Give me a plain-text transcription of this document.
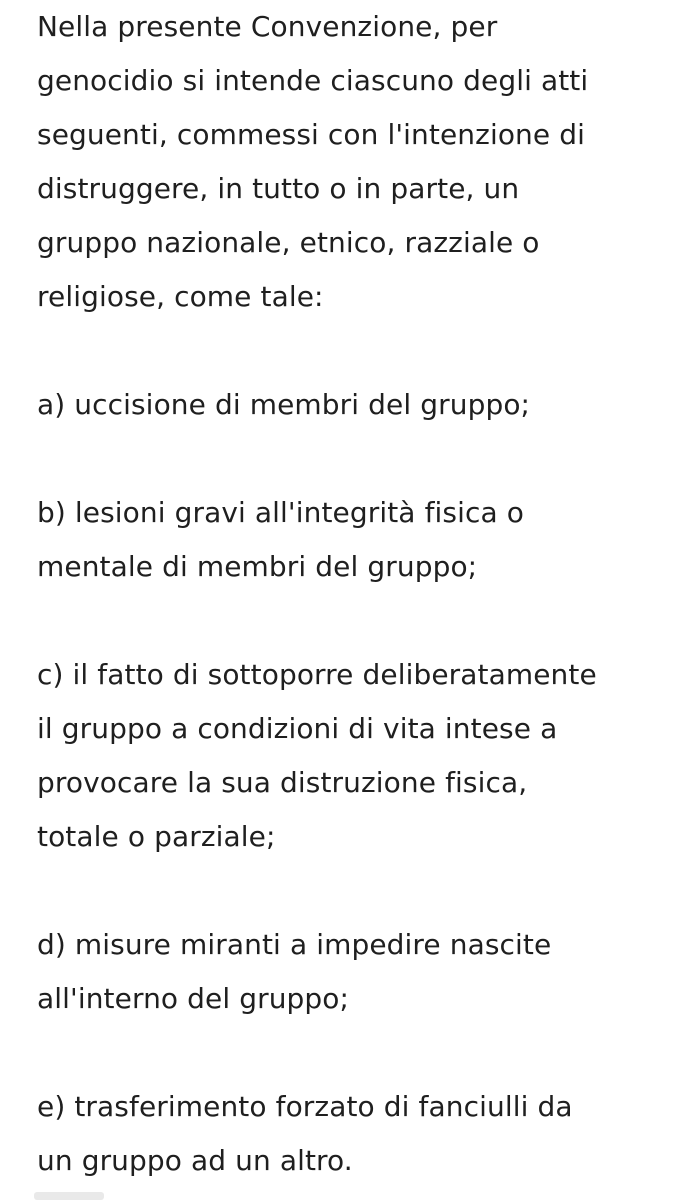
Nella presente Convenzione, per
genocidio si intende ciascuno degli atti
seguenti, commessi con l'intenzione di
distruggere, in tutto o in parte, un
gruppo nazionale, etnico, razziale o
religiose, come tale:

a) uccisione di membri del gruppo;

b) lesioni gravi all'integrità fisica o
mentale di membri del gruppo;

c) il fatto di sottoporre deliberatamente
il gruppo a condizioni di vita intese a
provocare la sua distruzione fisica,
totale o parziale;

d) misure miranti a impedire nascite
all'interno del gruppo;

e) trasferimento forzato di fanciulli da
un gruppo ad un altro.
